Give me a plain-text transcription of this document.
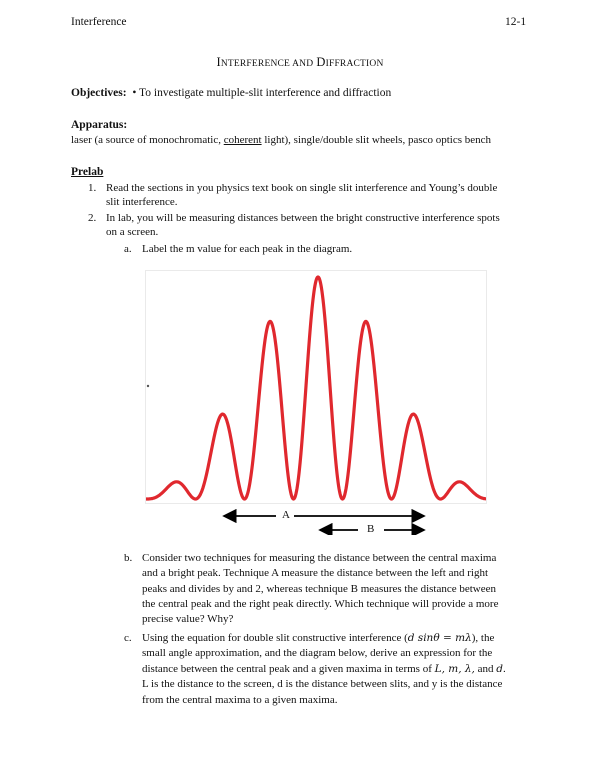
Interference	12-1
INTERFERENCE AND DIFFRACTION
Objectives: • To investigate multiple-slit interference and diffraction
Apparatus:
laser (a source of monochromatic, coherent light), single/double slit wheels, pasco optics bench
Prelab
1. Read the sections in you physics text book on single slit interference and Young’s double
slit interference.
2. In lab, you will be measuring distances between the bright constructive interference spots
on a screen.
a. Label the m value for each peak in the diagram.
A
B
b. Consider two techniques for measuring the distance between the central maxima
and a bright peak. Technique A measure the distance between the left and right
peaks and divides by and 2, whereas technique B measures the distance between
the central peak and the right peak directly. Which technique will provide a more
precise value? Why?
c. Using the equation for double slit constructive interference (d sinθ = mλ), the
small angle approximation, and the diagram below, derive an expression for the
distance between the central peak and a given maxima in terms of L, m, λ, and d.
L is the distance to the screen, d is the distance between slits, and y is the distance
from the central maxima to a given maxima.
